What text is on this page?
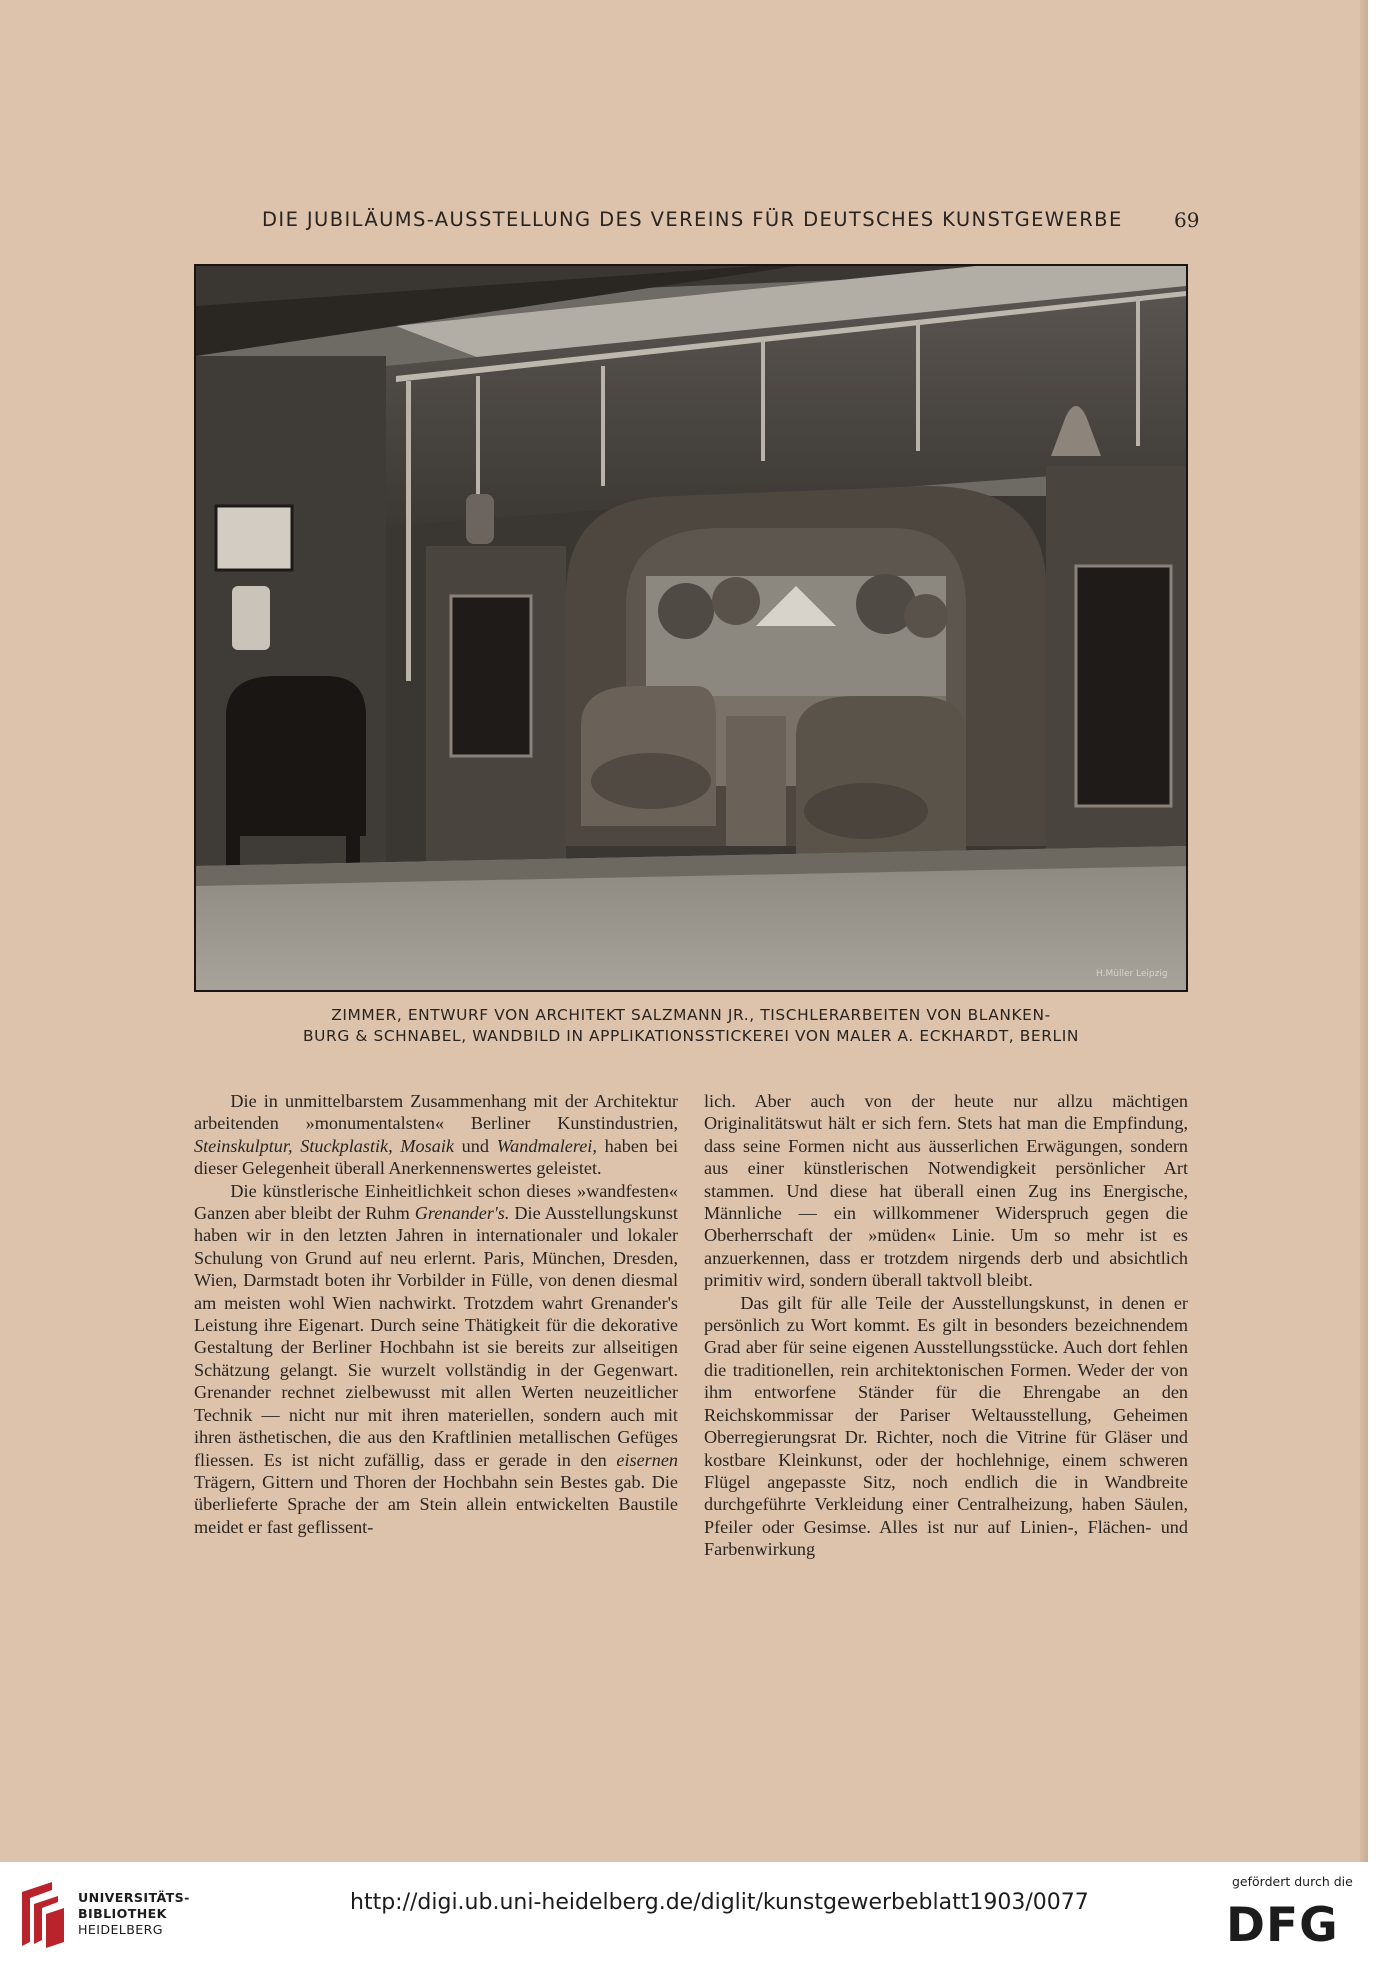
DIE JUBILÄUMS-AUSSTELLUNG DES VEREINS FÜR DEUTSCHES KUNSTGEWERBE	69
H.Müller Leipzig
ZIMMER, ENTWURF VON ARCHITEKT SALZMANN JR., TISCHLERARBEITEN VON BLANKEN-
BURG & SCHNABEL, WANDBILD IN APPLIKATIONSSTICKEREI VON MALER A. ECKHARDT, BERLIN

Die in unmittelbarstem Zusammenhang mit der Architektur arbeitenden »monumentalsten« Berliner Kunstindustrien, Steinskulptur, Stuckplastik, Mosaik und Wandmalerei, haben bei dieser Gelegenheit überall Anerkennenswertes geleistet.

Die künstlerische Einheitlichkeit schon dieses »wandfesten« Ganzen aber bleibt der Ruhm Grenander's. Die Ausstellungskunst haben wir in den letzten Jahren in internationaler und lokaler Schulung von Grund auf neu erlernt. Paris, München, Dresden, Wien, Darmstadt boten ihr Vorbilder in Fülle, von denen diesmal am meisten wohl Wien nachwirkt. Trotzdem wahrt Grenander's Leistung ihre Eigenart. Durch seine Thätigkeit für die dekorative Gestaltung der Berliner Hochbahn ist sie bereits zur allseitigen Schätzung gelangt. Sie wurzelt vollständig in der Gegenwart. Grenander rechnet zielbewusst mit allen Werten neuzeitlicher Technik — nicht nur mit ihren materiellen, sondern auch mit ihren ästhetischen, die aus den Kraftlinien metallischen Gefüges fliessen. Es ist nicht zufällig, dass er gerade in den eisernen Trägern, Gittern und Thoren der Hochbahn sein Bestes gab. Die überlieferte Sprache der am Stein allein entwickelten Baustile meidet er fast geflissent-

lich. Aber auch von der heute nur allzu mächtigen Originalitätswut hält er sich fern. Stets hat man die Empfindung, dass seine Formen nicht aus äusserlichen Erwägungen, sondern aus einer künstlerischen Notwendigkeit persönlicher Art stammen. Und diese hat überall einen Zug ins Energische, Männliche — ein willkommener Widerspruch gegen die Oberherrschaft der »müden« Linie. Um so mehr ist es anzuerkennen, dass er trotzdem nirgends derb und absichtlich primitiv wird, sondern überall taktvoll bleibt.

Das gilt für alle Teile der Ausstellungskunst, in denen er persönlich zu Wort kommt. Es gilt in besonders bezeichnendem Grad aber für seine eigenen Ausstellungsstücke. Auch dort fehlen die traditionellen, rein architektonischen Formen. Weder der von ihm entworfene Ständer für die Ehrengabe an den Reichskommissar der Pariser Weltausstellung, Geheimen Oberregierungsrat Dr. Richter, noch die Vitrine für Gläser und kostbare Kleinkunst, oder der hochlehnige, einem schweren Flügel angepasste Sitz, noch endlich die in Wandbreite durchgeführte Verkleidung einer Centralheizung, haben Säulen, Pfeiler oder Gesimse. Alles ist nur auf Linien-, Flächen- und Farbenwirkung

UNIVERSITÄTS-
BIBLIOTHEK
HEIDELBERG
http://digi.ub.uni-heidelberg.de/diglit/kunstgewerbeblatt1903/0077
gefördert durch die
DFG
